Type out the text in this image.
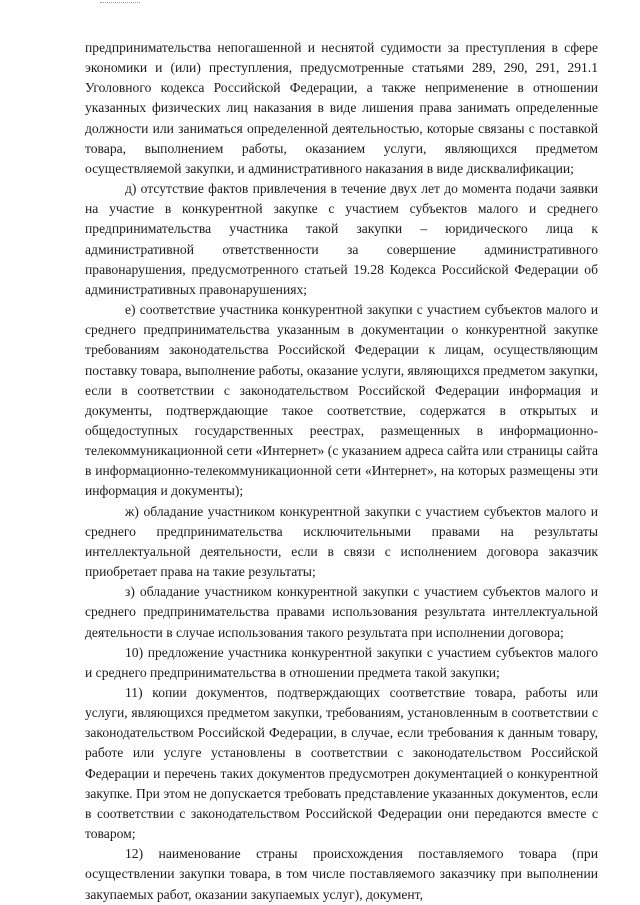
предпринимательства непогашенной и неснятой судимости за преступления в сфере экономики и (или) преступления, предусмотренные статьями 289, 290, 291, 291.1 Уголовного кодекса Российской Федерации, а также неприменение в отношении указанных физических лиц наказания в виде лишения права занимать определенные должности или заниматься определенной деятельностью, которые связаны с поставкой товара, выполнением работы, оказанием услуги, являющихся предметом осуществляемой закупки, и административного наказания в виде дисквалификации;

д) отсутствие фактов привлечения в течение двух лет до момента подачи заявки на участие в конкурентной закупке с участием субъектов малого и среднего предпринимательства участника такой закупки – юридического лица к административной ответственности за совершение административного правонарушения, предусмотренного статьей 19.28 Кодекса Российской Федерации об административных правонарушениях;

е) соответствие участника конкурентной закупки с участием субъектов малого и среднего предпринимательства указанным в документации о конкурентной закупке требованиям законодательства Российской Федерации к лицам, осуществляющим поставку товара, выполнение работы, оказание услуги, являющихся предметом закупки, если в соответствии с законодательством Российской Федерации информация и документы, подтверждающие такое соответствие, содержатся в открытых и общедоступных государственных реестрах, размещенных в информационно-телекоммуникационной сети «Интернет» (с указанием адреса сайта или страницы сайта в информационно-телекоммуникационной сети «Интернет», на которых размещены эти информация и документы);

ж) обладание участником конкурентной закупки с участием субъектов малого и среднего предпринимательства исключительными правами на результаты интеллектуальной деятельности, если в связи с исполнением договора заказчик приобретает права на такие результаты;

з) обладание участником конкурентной закупки с участием субъектов малого и среднего предпринимательства правами использования результата интеллектуальной деятельности в случае использования такого результата при исполнении договора;

10) предложение участника конкурентной закупки с участием субъектов малого и среднего предпринимательства в отношении предмета такой закупки;

11) копии документов, подтверждающих соответствие товара, работы или услуги, являющихся предметом закупки, требованиям, установленным в соответствии с законодательством Российской Федерации, в случае, если требования к данным товару, работе или услуге установлены в соответствии с законодательством Российской Федерации и перечень таких документов предусмотрен документацией о конкурентной закупке. При этом не допускается требовать представление указанных документов, если в соответствии с законодательством Российской Федерации они передаются вместе с товаром;

12) наименование страны происхождения поставляемого товара (при осуществлении закупки товара, в том числе поставляемого заказчику при выполнении закупаемых работ, оказании закупаемых услуг), документ,
